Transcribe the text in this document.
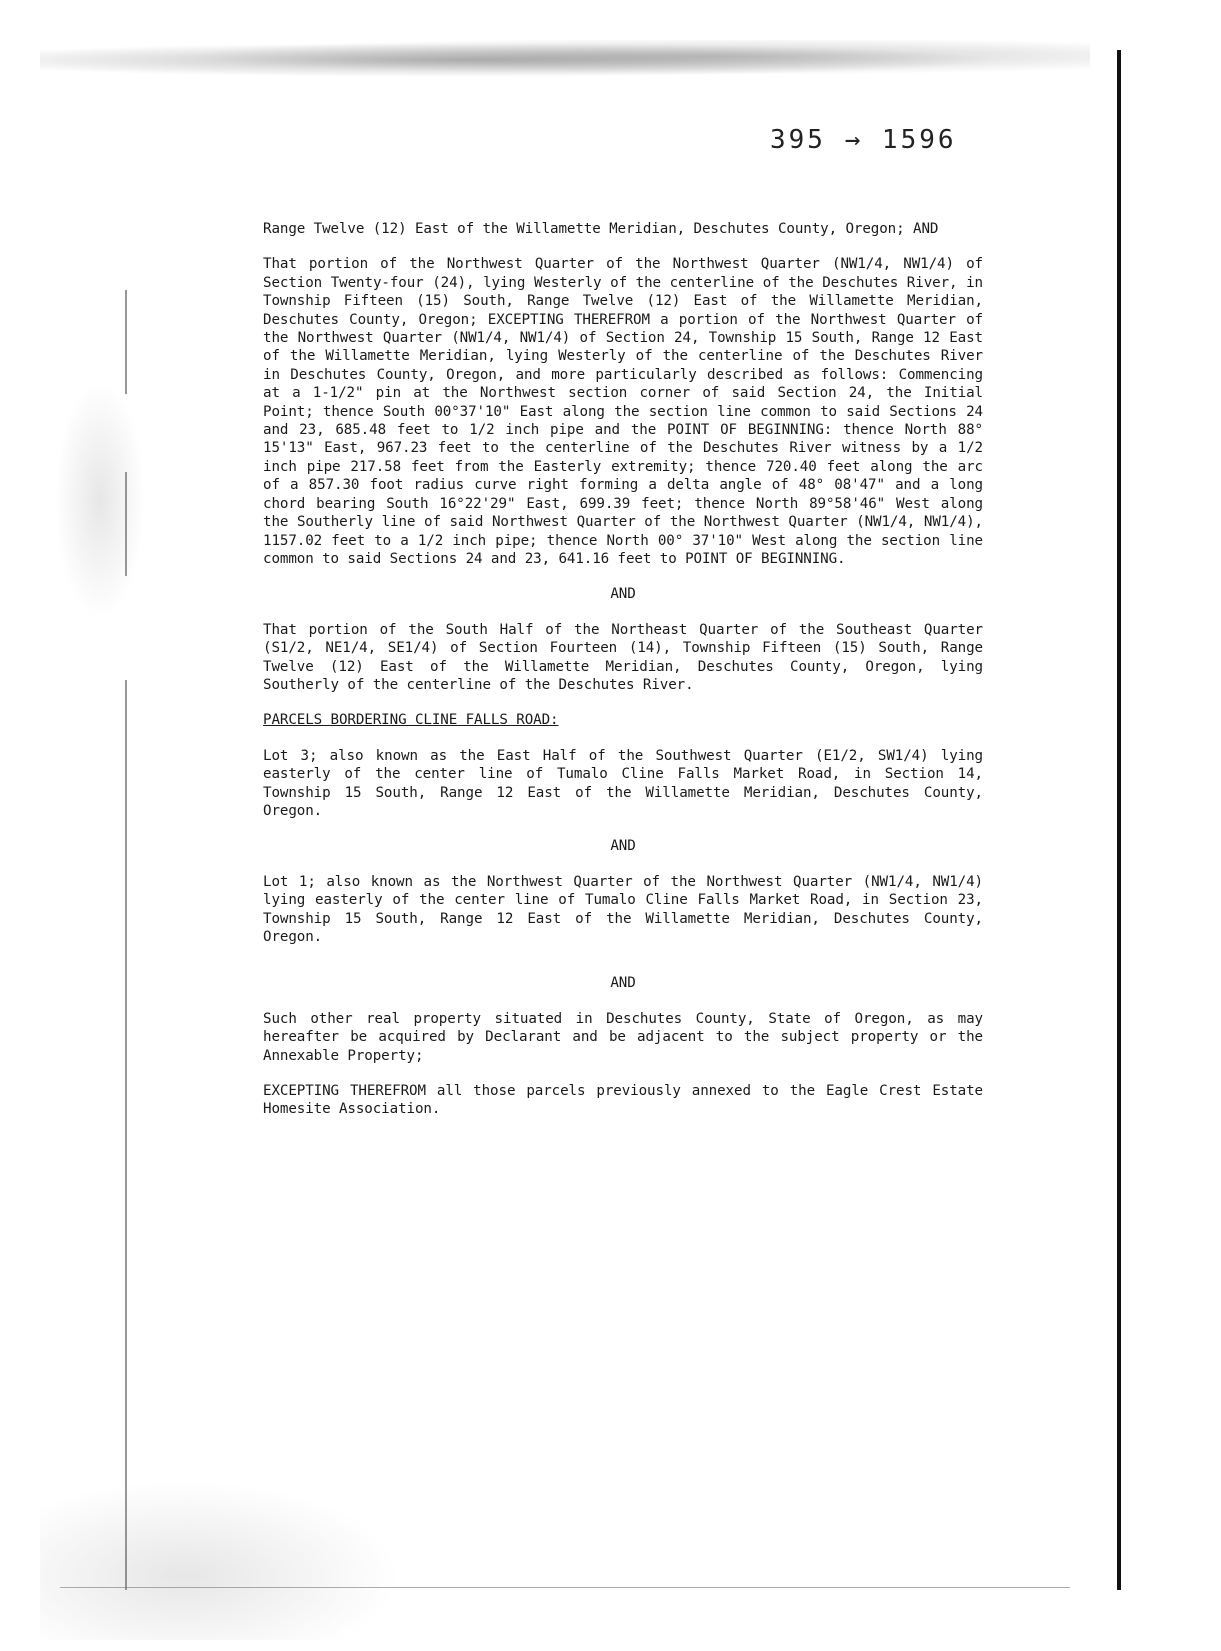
395 → 1596

Range Twelve (12) East of the Willamette Meridian, Deschutes County, Oregon; AND

That portion of the Northwest Quarter of the Northwest Quarter (NW1/4, NW1/4) of Section Twenty-four (24), lying Westerly of the centerline of the Deschutes River, in Township Fifteen (15) South, Range Twelve (12) East of the Willamette Meridian, Deschutes County, Oregon; EXCEPTING THEREFROM a portion of the Northwest Quarter of the Northwest Quarter (NW1/4, NW1/4) of Section 24, Township 15 South, Range 12 East of the Willamette Meridian, lying Westerly of the centerline of the Deschutes River in Deschutes County, Oregon, and more particularly described as follows: Commencing at a 1-1/2" pin at the Northwest section corner of said Section 24, the Initial Point; thence South 00°37'10" East along the section line common to said Sections 24 and 23, 685.48 feet to 1/2 inch pipe and the POINT OF BEGINNING: thence North 88° 15'13" East, 967.23 feet to the centerline of the Deschutes River witness by a 1/2 inch pipe 217.58 feet from the Easterly extremity; thence 720.40 feet along the arc of a 857.30 foot radius curve right forming a delta angle of 48° 08'47" and a long chord bearing South 16°22'29" East, 699.39 feet; thence North 89°58'46" West along the Southerly line of said Northwest Quarter of the Northwest Quarter (NW1/4, NW1/4), 1157.02 feet to a 1/2 inch pipe; thence North 00° 37'10" West along the section line common to said Sections 24 and 23, 641.16 feet to POINT OF BEGINNING.

AND

That portion of the South Half of the Northeast Quarter of the Southeast Quarter (S1/2, NE1/4, SE1/4) of Section Fourteen (14), Township Fifteen (15) South, Range Twelve (12) East of the Willamette Meridian, Deschutes County, Oregon, lying Southerly of the centerline of the Deschutes River.

PARCELS BORDERING CLINE FALLS ROAD:

Lot 3; also known as the East Half of the Southwest Quarter (E1/2, SW1/4) lying easterly of the center line of Tumalo Cline Falls Market Road, in Section 14, Township 15 South, Range 12 East of the Willamette Meridian, Deschutes County, Oregon.

AND

Lot 1; also known as the Northwest Quarter of the Northwest Quarter (NW1/4, NW1/4) lying easterly of the center line of Tumalo Cline Falls Market Road, in Section 23, Township 15 South, Range 12 East of the Willamette Meridian, Deschutes County, Oregon.

AND

Such other real property situated in Deschutes County, State of Oregon, as may hereafter be acquired by Declarant and be adjacent to the subject property or the Annexable Property;

EXCEPTING THEREFROM all those parcels previously annexed to the Eagle Crest Estate Homesite Association.
